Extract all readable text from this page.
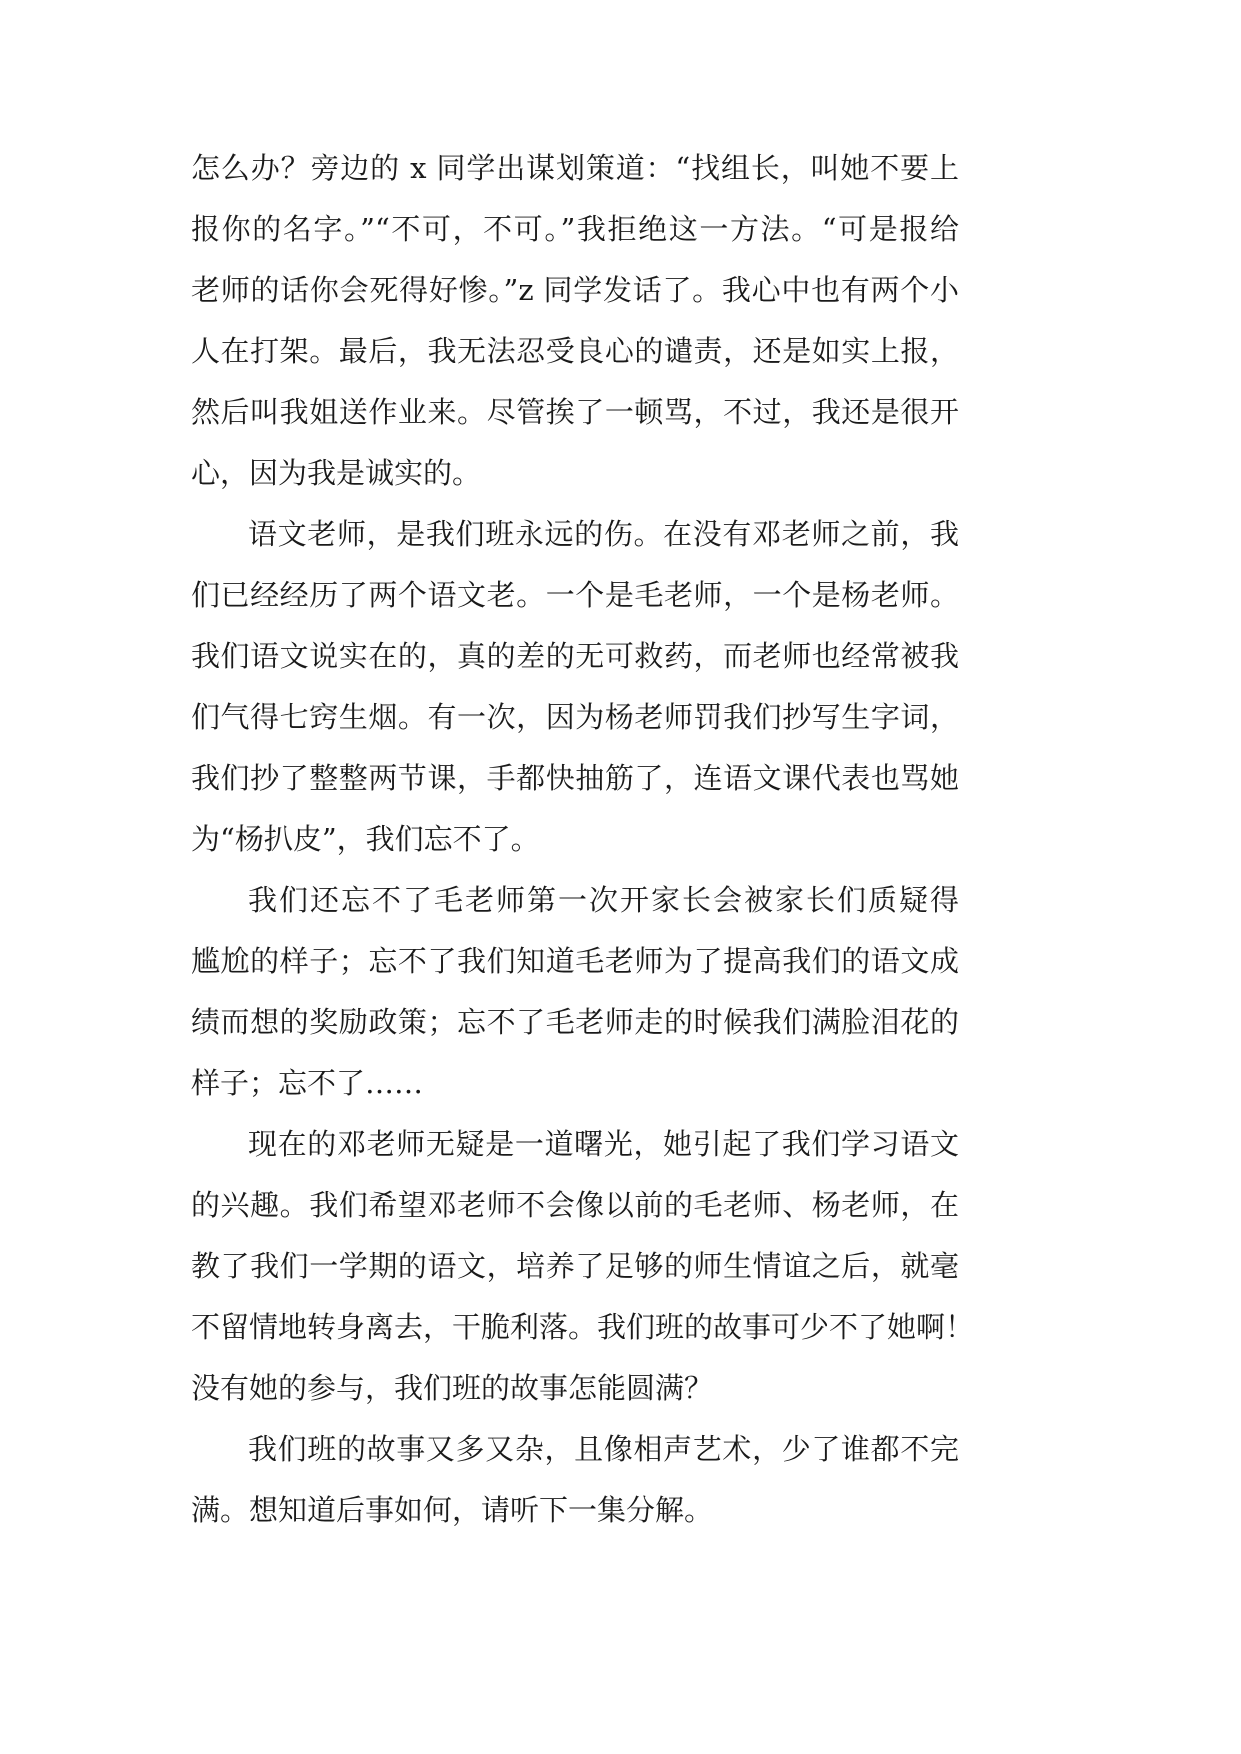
怎么办？旁边的 x 同学出谋划策道：“找组长，叫她不要上

报你的名字。”“不可，不可。”我拒绝这一方法。“可是报给

老师的话你会死得好惨。”z 同学发话了。我心中也有两个小

人在打架。最后，我无法忍受良心的谴责，还是如实上报，

然后叫我姐送作业来。尽管挨了一顿骂，不过，我还是很开

心，因为我是诚实的。

语文老师，是我们班永远的伤。在没有邓老师之前，我

们已经经历了两个语文老。一个是毛老师，一个是杨老师。

我们语文说实在的，真的差的无可救药，而老师也经常被我

们气得七窍生烟。有一次，因为杨老师罚我们抄写生字词，

我们抄了整整两节课，手都快抽筋了，连语文课代表也骂她

为“杨扒皮”，我们忘不了。

我们还忘不了毛老师第一次开家长会被家长们质疑得

尴尬的样子；忘不了我们知道毛老师为了提高我们的语文成

绩而想的奖励政策；忘不了毛老师走的时候我们满脸泪花的

样子；忘不了……

现在的邓老师无疑是一道曙光，她引起了我们学习语文

的兴趣。我们希望邓老师不会像以前的毛老师、杨老师，在

教了我们一学期的语文，培养了足够的师生情谊之后，就毫

不留情地转身离去，干脆利落。我们班的故事可少不了她啊！

没有她的参与，我们班的故事怎能圆满？

我们班的故事又多又杂，且像相声艺术，少了谁都不完

满。想知道后事如何，请听下一集分解。
